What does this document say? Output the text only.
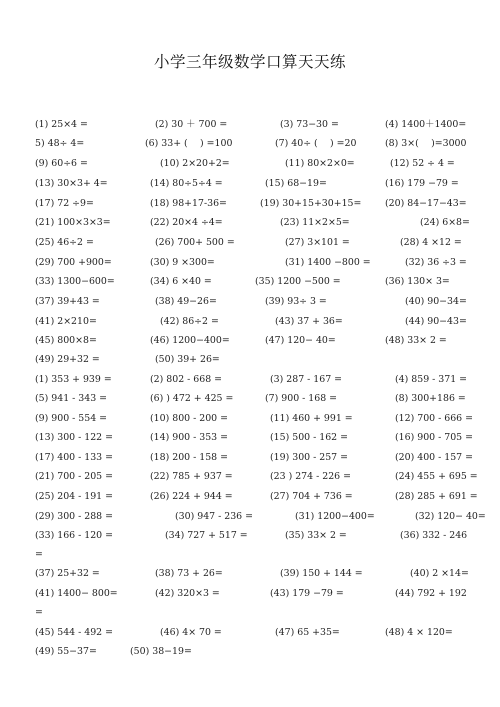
小学三年级数学口算天天练
(1) 25×4 =	(2) 30 ＋ 700 =	(3) 73−30 =	(4) 1400＋1400=
5) 48÷ 4=	(6) 33+ (　 ) =100	(7) 40÷ (　 ) =20	(8) 3×(　 )=3000
(9) 60÷6 =	(10) 2×20+2=	(11) 80×2×0=	(12) 52 ÷ 4 =
(13) 30×3+ 4=	(14) 80÷5÷4 =	(15) 68−19=	(16) 179 −79 =
(17) 72 ÷9=	(18) 98+17-36=	(19) 30+15+30+15=	(20) 84−17−43=
(21) 100×3×3=	(22) 20×4 ÷4=	(23) 11×2×5=	(24) 6×8=
(25) 46÷2 =	(26) 700+ 500 =	(27) 3×101 =	(28) 4 ×12 =
(29) 700 +900=	(30) 9 ×300=	(31) 1400 −800 =	(32) 36 ÷3 =
(33) 1300−600=	(34) 6 ×40 =	(35) 1200 −500 =	(36) 130× 3=
(37) 39+43 =	(38) 49−26=	(39) 93÷ 3 =	(40) 90−34=
(41) 2×210=	(42) 86÷2 =	(43) 37 + 36=	(44) 90−43=
(45) 800×8=	(46) 1200−400=	(47) 120− 40=	(48) 33× 2 =
(49) 29+32 =	(50) 39+ 26=
(1) 353 + 939 =	(2) 802 - 668 =	(3) 287 - 167 =	(4) 859 - 371 =
(5) 941 - 343 =	(6) ) 472 + 425 =	(7) 900 - 168 =	(8) 300+186 =
(9) 900 - 554 =	(10) 800 - 200 =	(11) 460 + 991 =	(12) 700 - 666 =
(13) 300 - 122 =	(14) 900 - 353 =	(15) 500 - 162 =	(16) 900 - 705 =
(17) 400 - 133 =	(18) 200 - 158 =	(19) 300 - 257 =	(20) 400 - 157 =
(21) 700 - 205 =	(22) 785 + 937 =	(23 ) 274 - 226 =	(24) 455 + 695 =
(25) 204 - 191 =	(26) 224 + 944 =	(27) 704 + 736 =	(28) 285 + 691 =
(29) 300 - 288 =	(30) 947 - 236 =	(31) 1200−400=	(32) 120− 40=
(33) 166 - 120 =	(34) 727 + 517 =	(35) 33× 2 =	(36) 332 - 246
=
(37) 25+32 =	(38) 73 + 26=	(39) 150 + 144 =	(40) 2 ×14=
(41) 1400− 800=	(42) 320×3 =	(43) 179 −79 =	(44) 792 + 192
=
(45) 544 - 492 =	(46) 4× 70 =	(47) 65 +35=	(48) 4 × 120=
(49) 55−37=	(50) 38−19=
